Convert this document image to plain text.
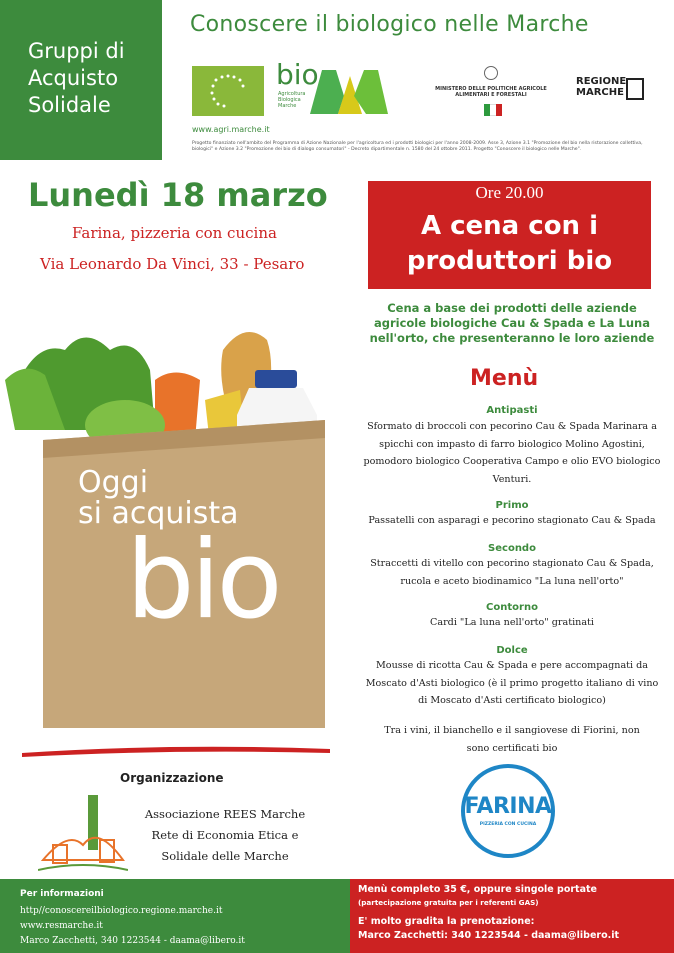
Gruppi di
Acquisto
Solidale
Conoscere il biologico nelle Marche
bio
Agricoltura Biologica Marche
MINISTERO DELLE POLITICHE AGRICOLE ALIMENTARI E FORESTALI
REGIONE
MARCHE
www.agri.marche.it
Progetto finanziato nell'ambito del Programma di Azione Nazionale per l'agricoltura ed i prodotti biologici per l'anno 2008-2009. Asse 3, Azione 3.1 "Promozione del bio nella ristorazione collettiva, biologici" e Azione 3.2 "Promozione dei bio di dialogo consumatori" - Decreto dipartimentale n. 1580 del 24 ottobre 2011. Progetto "Conoscere il biologico nelle Marche".
Lunedì 18 marzo
Farina, pizzeria con cucina
Via Leonardo Da Vinci, 33 - Pesaro
Ore 20.00
A cena con i
produttori bio
Cena a base dei prodotti delle aziende agricole biologiche Cau & Spada e La Luna nell'orto, che presenteranno le loro aziende
Oggi
si acquista
bio
Menù
Antipasti
Sformato di broccoli con pecorino Cau & Spada Marinara a spicchi con impasto di farro biologico Molino Agostini, pomodoro biologico Cooperativa Campo e olio EVO biologico Venturi.
Primo
Passatelli con asparagi e pecorino stagionato Cau & Spada
Secondo
Straccetti di vitello con pecorino stagionato Cau & Spada, rucola e aceto biodinamico "La luna nell'orto"
Contorno
Cardi "La luna nell'orto" gratinati
Dolce
Mousse di ricotta Cau & Spada e pere accompagnati da Moscato d'Asti biologico (è il primo progetto italiano di vino di Moscato d'Asti certificato biologico)
Tra i vini, il bianchello e il sangiovese di Fiorini, non sono certificati bio
Organizzazione
Associazione REES Marche
Rete di Economia Etica e
Solidale delle Marche
FARINA
PIZZERIA CON CUCINA
Per informazioni
http//conoscereilbiologico.regione.marche.it
www.resmarche.it
Marco Zacchetti, 340 1223544 - daama@libero.it
Menù completo 35 €, oppure singole portate
(partecipazione gratuita per i referenti GAS)
E' molto gradita la prenotazione:
Marco Zacchetti: 340 1223544 - daama@libero.it
